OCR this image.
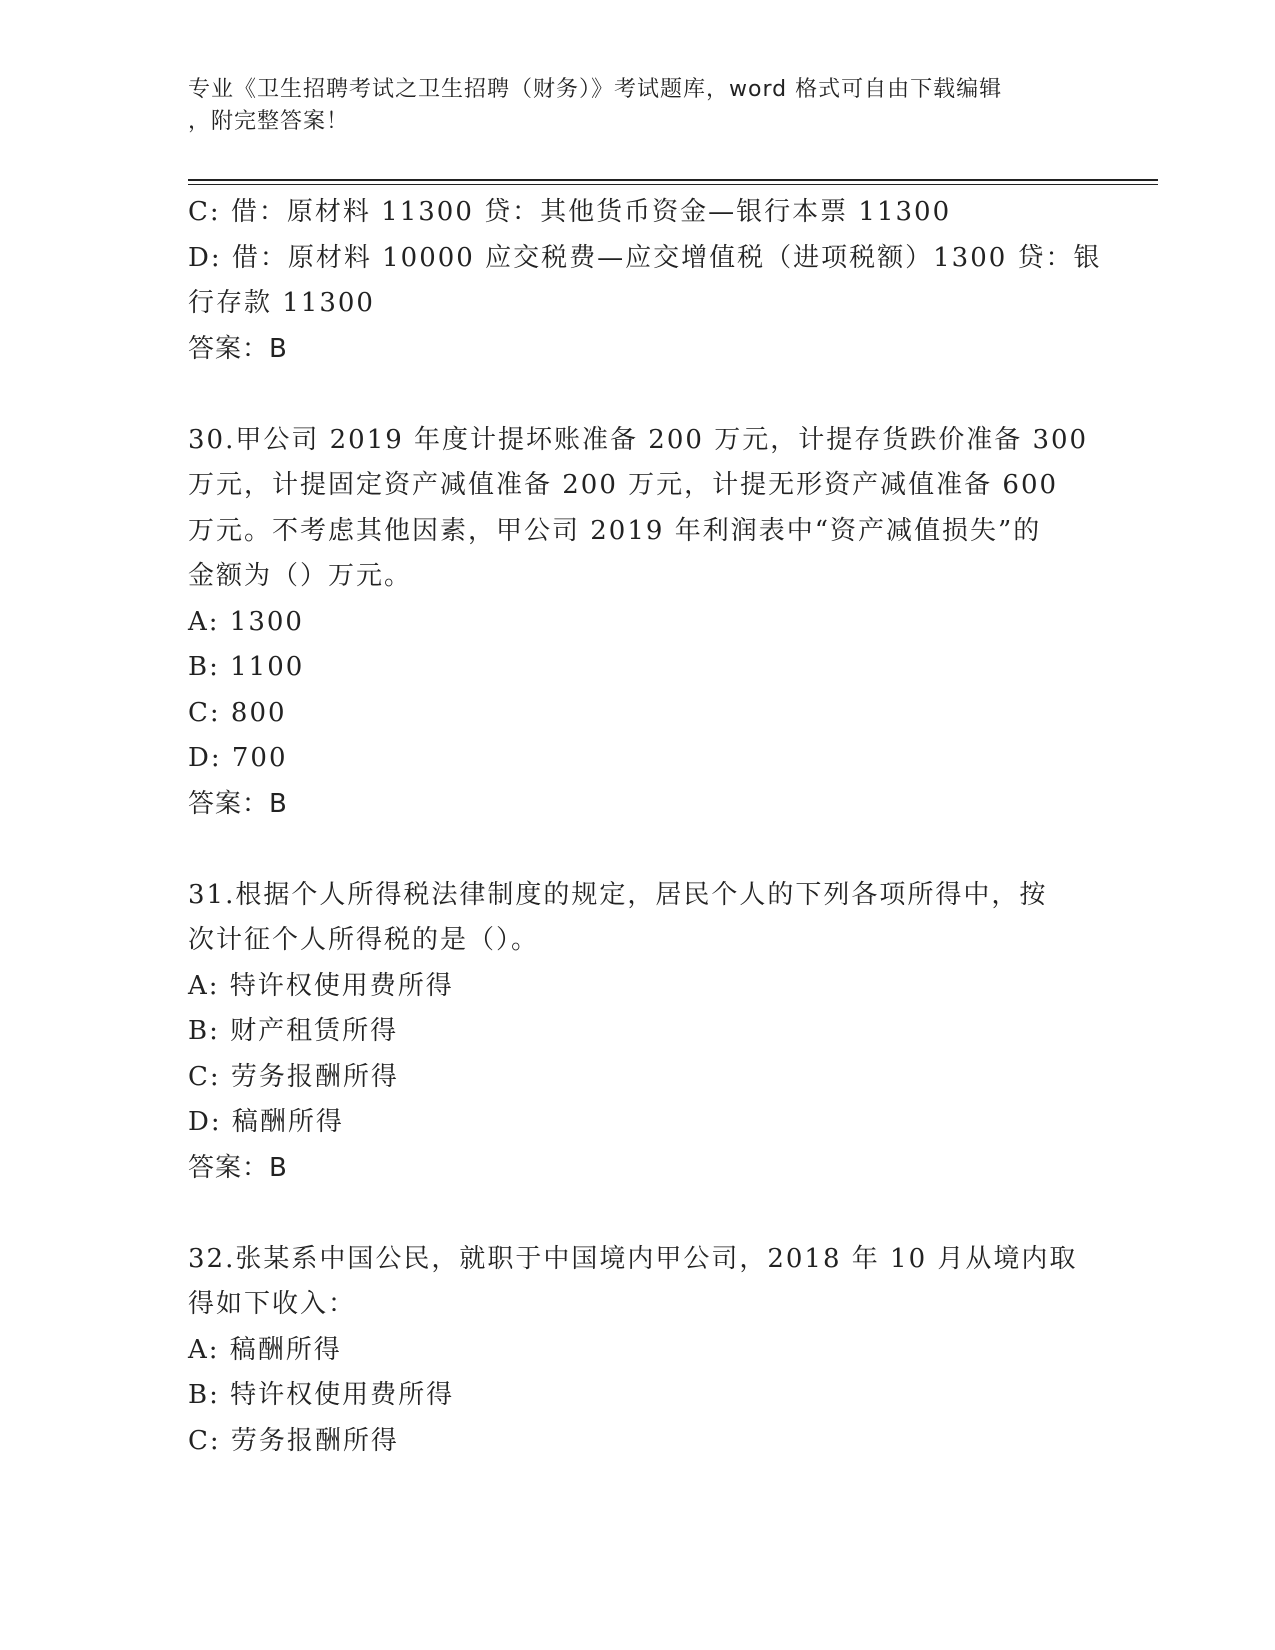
专业《卫生招聘考试之卫生招聘（财务）》考试题库，word 格式可自由下载编辑
，附完整答案！
C: 借：原材料 11300 贷：其他货币资金—银行本票 11300
D: 借：原材料 10000 应交税费—应交增值税（进项税额）1300 贷：银
行存款 11300
答案：B
30.甲公司 2019 年度计提坏账准备 200 万元，计提存货跌价准备 300
万元，计提固定资产减值准备 200 万元，计提无形资产减值准备 600
万元。不考虑其他因素，甲公司 2019 年利润表中“资产减值损失”的
金额为（）万元。
A: 1300
B: 1100
C: 800
D: 700
答案：B
31.根据个人所得税法律制度的规定，居民个人的下列各项所得中，按
次计征个人所得税的是（）。
A: 特许权使用费所得
B: 财产租赁所得
C: 劳务报酬所得
D: 稿酬所得
答案：B
32.张某系中国公民，就职于中国境内甲公司，2018 年 10 月从境内取
得如下收入：
A: 稿酬所得
B: 特许权使用费所得
C: 劳务报酬所得
